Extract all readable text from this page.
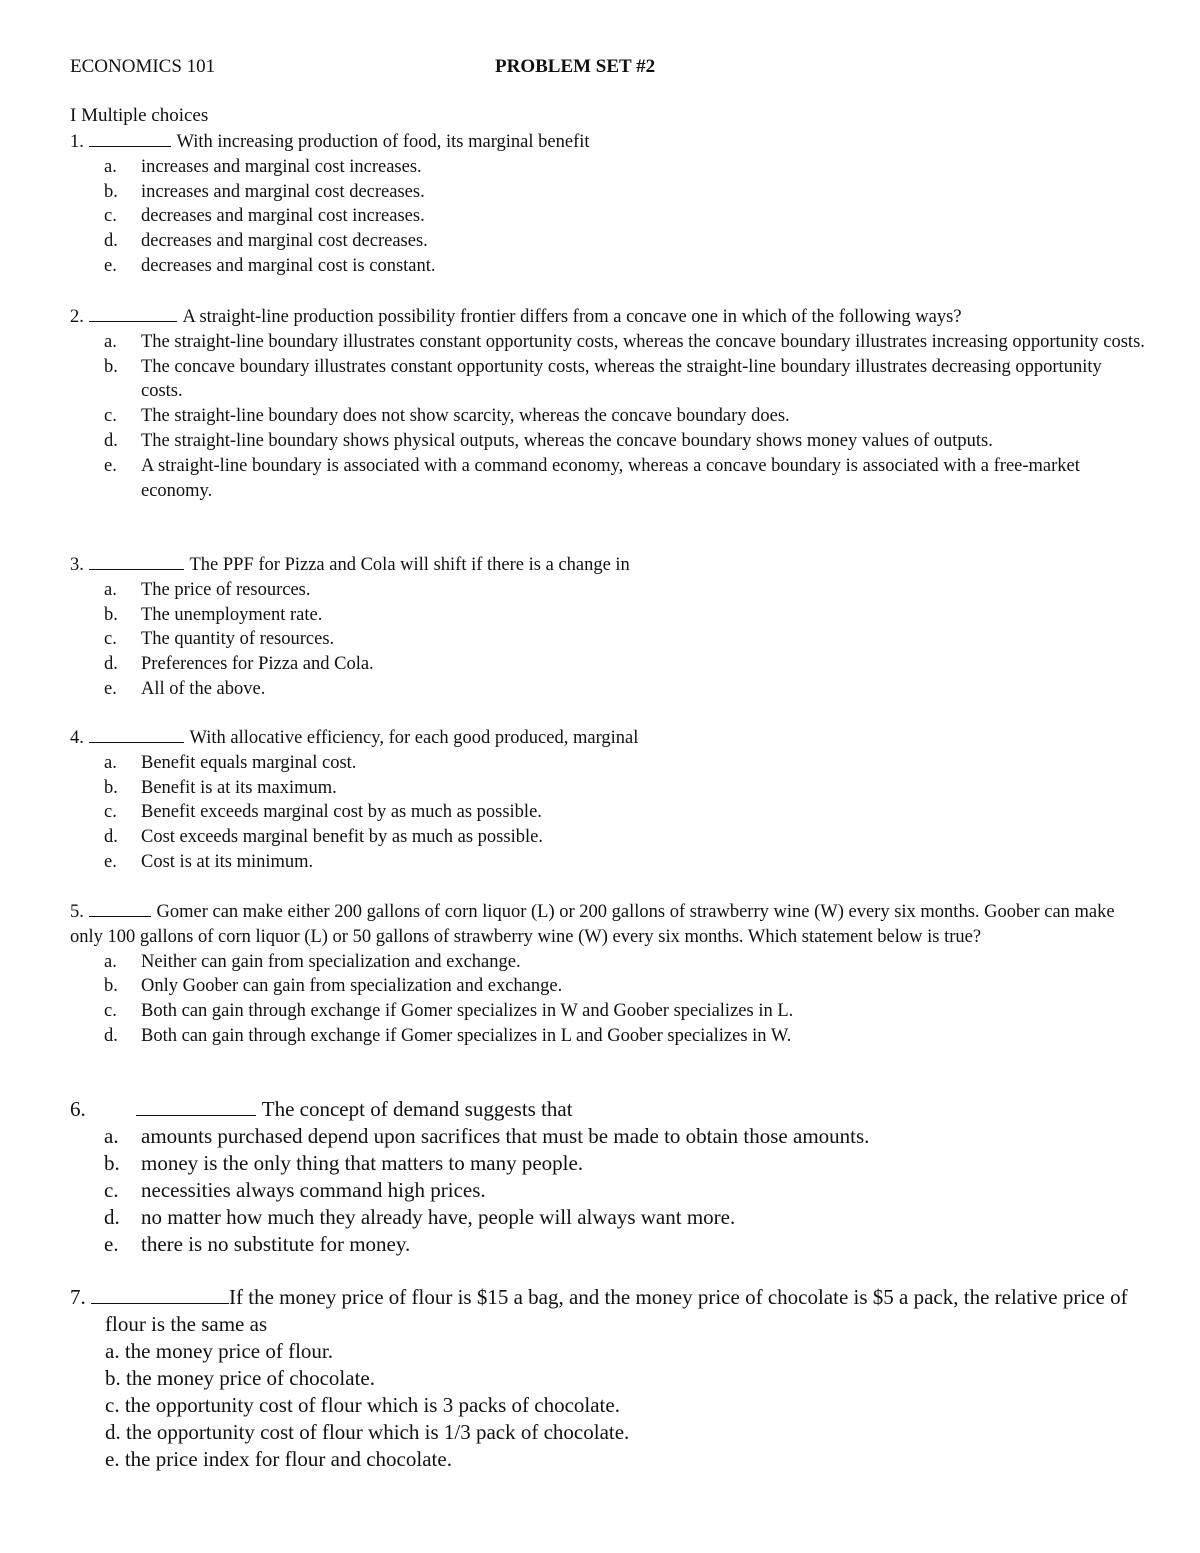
ECONOMICS 101	PROBLEM SET #2
I Multiple choices
1.	With increasing production of food, its marginal benefit
a.	increases and marginal cost increases.
b.	increases and marginal cost decreases.
c.	decreases and marginal cost increases.
d.	decreases and marginal cost decreases.
e.	decreases and marginal cost is constant.
2.	A straight-line production possibility frontier differs from a concave one in which of the following ways?
a.	The straight-line boundary illustrates constant opportunity costs, whereas the concave boundary illustrates increasing opportunity costs.
b.	The concave boundary illustrates constant opportunity costs, whereas the straight-line boundary illustrates decreasing opportunity costs.
c.	The straight-line boundary does not show scarcity, whereas the concave boundary does.
d.	The straight-line boundary shows physical outputs, whereas the concave boundary shows money values of outputs.
e.	A straight-line boundary is associated with a command economy, whereas a concave boundary is associated with a free-market economy.
3.	The PPF for Pizza and Cola will shift if there is a change in
a.	The price of resources.
b.	The unemployment rate.
c.	The quantity of resources.
d.	Preferences for Pizza and Cola.
e.	All of the above.
4.	With allocative efficiency, for each good produced, marginal
a.	Benefit equals marginal cost.
b.	Benefit is at its maximum.
c.	Benefit exceeds marginal cost by as much as possible.
d.	Cost exceeds marginal benefit by as much as possible.
e.	Cost is at its minimum.
5.	Gomer can make either 200 gallons of corn liquor (L) or 200 gallons of strawberry wine (W) every six months. Goober can make only 100 gallons of corn liquor (L) or 50 gallons of strawberry wine (W) every six months. Which statement below is true?
a.	Neither can gain from specialization and exchange.
b.	Only Goober can gain from specialization and exchange.
c.	Both can gain through exchange if Gomer specializes in W and Goober specializes in L.
d.	Both can gain through exchange if Gomer specializes in L and Goober specializes in W.
6.	The concept of demand suggests that
a.	amounts purchased depend upon sacrifices that must be made to obtain those amounts.
b.	money is the only thing that matters to many people.
c.	necessities always command high prices.
d.	no matter how much they already have, people will always want more.
e.	there is no substitute for money.
7.	If the money price of flour is $15 a bag, and the money price of chocolate is $5 a pack, the relative price of flour is the same as
a. the money price of flour.
b. the money price of chocolate.
c. the opportunity cost of flour which is 3 packs of chocolate.
d. the opportunity cost of flour which is 1/3 pack of chocolate.
e. the price index for flour and chocolate.
